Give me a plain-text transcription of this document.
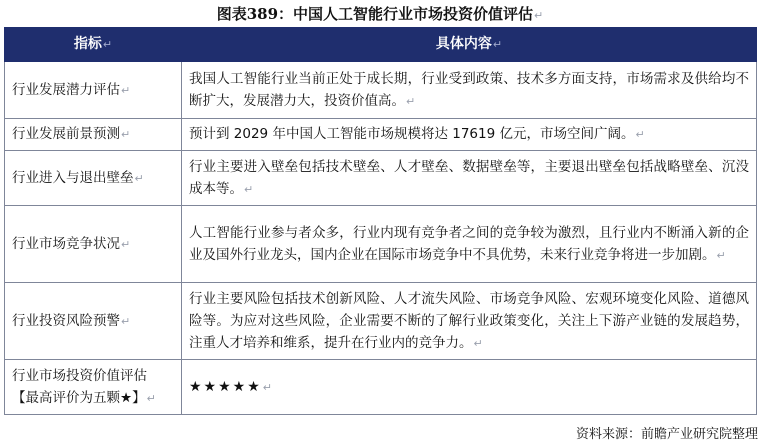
图表389：中国人工智能行业市场投资价值评估↵
指标↵	具体内容↵
行业发展潜力评估↵	我国人工智能行业当前正处于成长期，行业受到政策、技术多方面支持，市场需求及供给均不断扩大，发展潜力大，投资价值高。↵
行业发展前景预测↵	预计到 2029 年中国人工智能市场规模将达 17619 亿元，市场空间广阔。↵
行业进入与退出壁垒↵	行业主要进入壁垒包括技术壁垒、人才壁垒、数据壁垒等，主要退出壁垒包括战略壁垒、沉没成本等。↵
行业市场竞争状况↵	人工智能行业参与者众多，行业内现有竞争者之间的竞争较为激烈，且行业内不断涌入新的企业及国外行业龙头，国内企业在国际市场竞争中不具优势，未来行业竞争将进一步加剧。↵
行业投资风险预警↵	行业主要风险包括技术创新风险、人才流失风险、市场竞争风险、宏观环境变化风险、道德风险等。为应对这些风险，企业需要不断的了解行业政策变化，关注上下游产业链的发展趋势，注重人才培养和维系，提升在行业内的竞争力。↵
行业市场投资价值评估
【最高评价为五颗★】↵	★★★★★↵
资料来源：前瞻产业研究院整理
